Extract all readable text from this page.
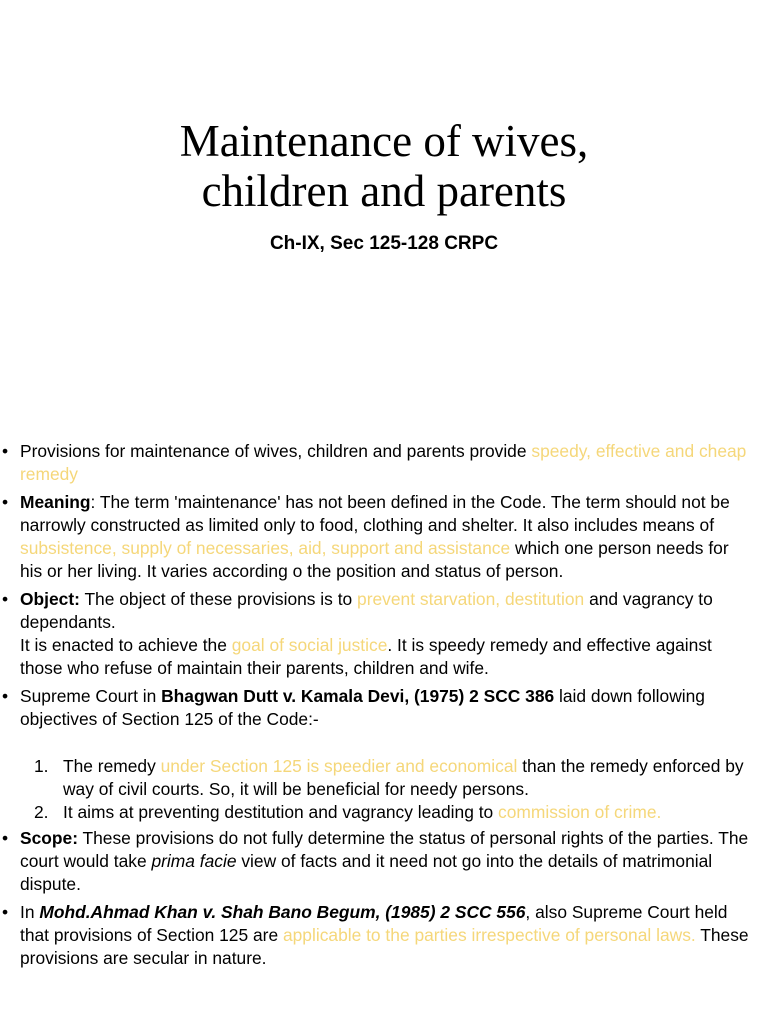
Maintenance of wives,
children and parents
Ch-IX, Sec 125-128 CRPC
• Provisions for maintenance of wives, children and parents provide speedy, effective and cheap remedy
• Meaning: The term 'maintenance' has not been defined in the Code. The term should not be narrowly constructed as limited only to food, clothing and shelter. It also includes means of subsistence, supply of necessaries, aid, support and assistance which one person needs for his or her living. It varies according o the position and status of person.
• Object: The object of these provisions is to prevent starvation, destitution and vagrancy to dependants.
It is enacted to achieve the goal of social justice. It is speedy remedy and effective against those who refuse of maintain their parents, children and wife.
• Supreme Court in Bhagwan Dutt v. Kamala Devi, (1975) 2 SCC 386 laid down following objectives of Section 125 of the Code:-
1. The remedy under Section 125 is speedier and economical than the remedy enforced by way of civil courts. So, it will be beneficial for needy persons.
2. It aims at preventing destitution and vagrancy leading to commission of crime.
• Scope: These provisions do not fully determine the status of personal rights of the parties. The court would take prima facie view of facts and it need not go into the details of matrimonial dispute.
• In Mohd.Ahmad Khan v. Shah Bano Begum, (1985) 2 SCC 556, also Supreme Court held that provisions of Section 125 are applicable to the parties irrespective of personal laws. These provisions are secular in nature.
